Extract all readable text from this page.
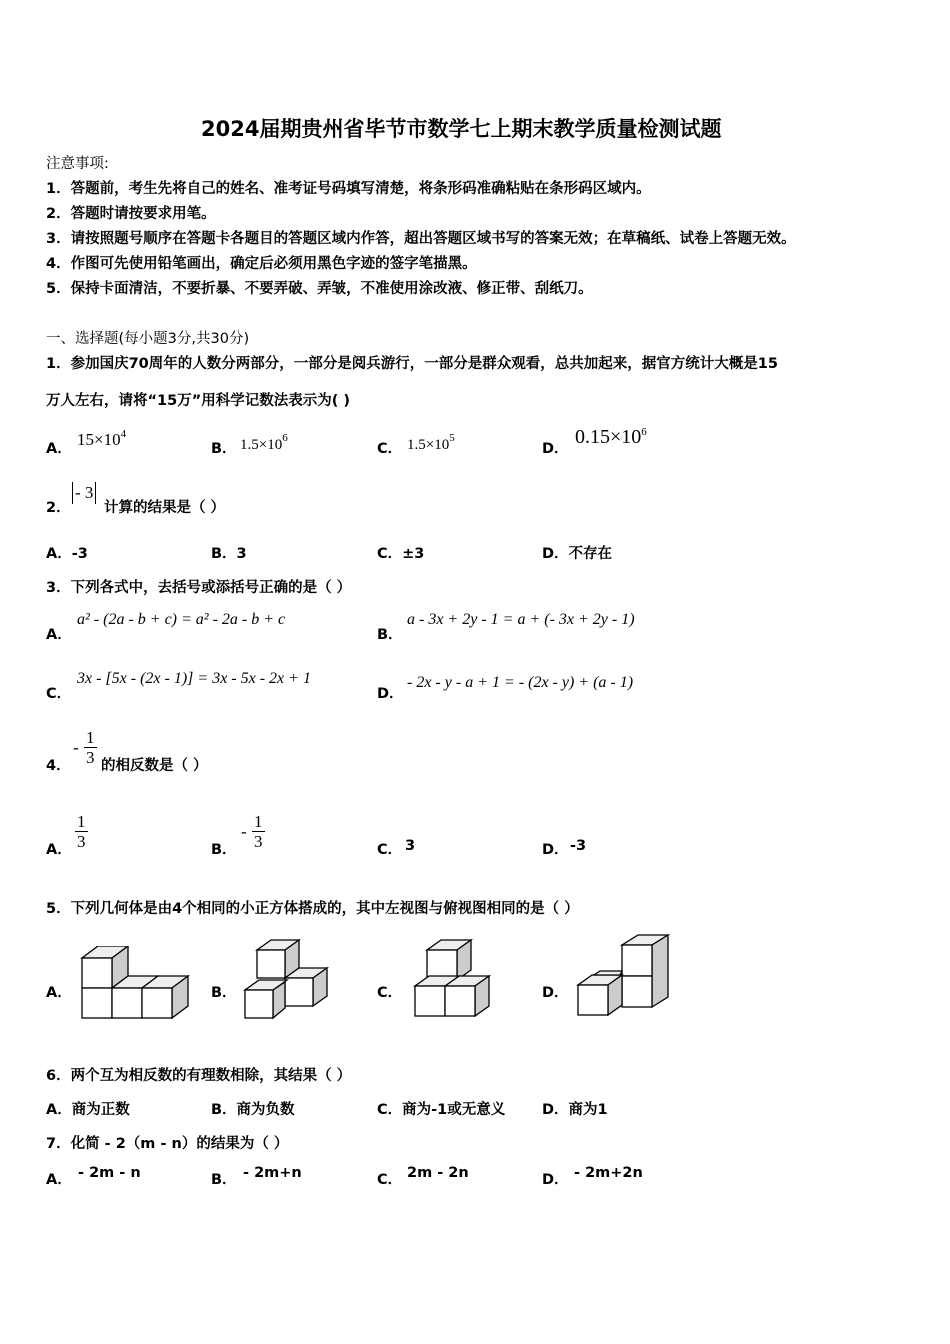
2024届期贵州省毕节市数学七上期末教学质量检测试题
注意事项:
1．答题前，考生先将自己的姓名、准考证号码填写清楚，将条形码准确粘贴在条形码区域内。
2．答题时请按要求用笔。
3．请按照题号顺序在答题卡各题目的答题区域内作答，超出答题区域书写的答案无效；在草稿纸、试卷上答题无效。
4．作图可先使用铅笔画出，确定后必须用黑色字迹的签字笔描黑。
5．保持卡面清洁，不要折暴、不要弄破、弄皱，不准使用涂改液、修正带、刮纸刀。
一、选择题(每小题3分,共30分)
1．参加国庆70周年的人数分两部分，一部分是阅兵游行，一部分是群众观看，总共加起来，据官方统计大概是15
万人左右，请将“15万”用科学记数法表示为( )
A． $15\times 10^4$
B． $1.5\times 10^6$
C． $1.5\times 10^5$
D．
$0.15\times 10^6$
2．
- 3
计算的结果是（ ）
A．-3	B．3	C．±3	D．不存在
3．下列各式中，去括号或添括号正确的是（ ）
A．
a² - (2a - b + c) = a² - 2a - b + c
B．
a - 3x + 2y - 1 = a + (- 3x + 2y - 1)
C．
3x - [5x - (2x - 1)] = 3x - 5x - 2x + 1
D．
- 2x - y - a + 1 = - (2x - y) + (a - 1)
4．
- $\frac{1}{3}$ 的相反数是（ ）
A． $\frac{1}{3}$	B．
- $\frac{1}{3}$	C． 3	D． -3
5．下列几何体是由4个相同的小正方体搭成的，其中左视图与俯视图相同的是（ ）
A．	B．	C．	D．
6．两个互为相反数的有理数相除，其结果（ ）
A．商为正数	B．商为负数	C．商为-1或无意义	D．商为1
7．化简 - 2（m - n）的结果为（ ）
A． - 2m - n	B． - 2m+n	C． 2m - 2n	D． - 2m+2n
